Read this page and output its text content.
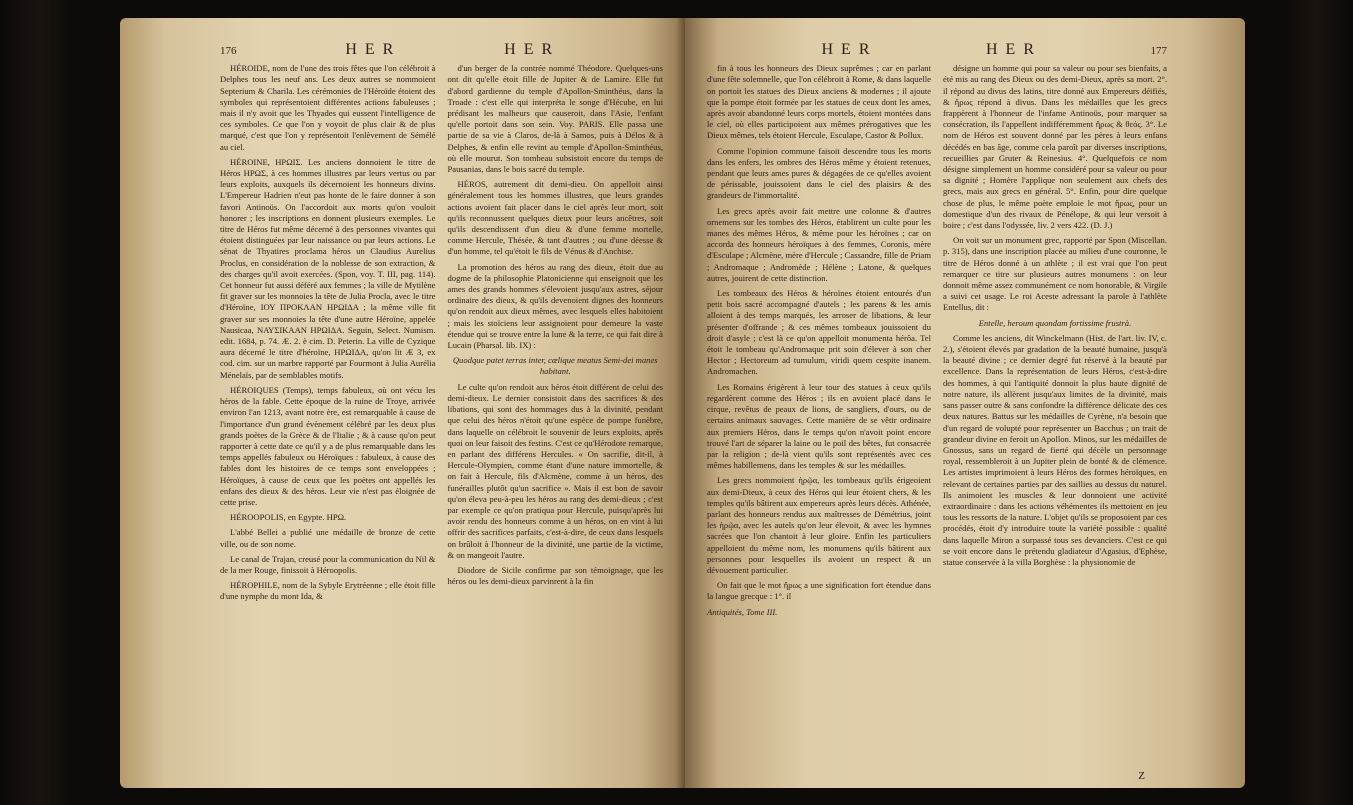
176	H E R	H E R

HÉROIDE, nom de l'une des trois fêtes que l'on célébroit à Delphes tous les neuf ans. Les deux autres se nommoient Septerium & Charila. Les cérémonies de l'Héroïde étoient des symboles qui représentoient différentes actions fabuleuses ; mais il n'y avoit que les Thyades qui eussent l'intelligence de ces symboles. Ce que l'on y voyoit de plus clair & de plus marqué, c'est que l'on y représentoit l'enlèvement de Sémélé au ciel.

HÉROINE, ΗΡΩΙΣ. Les anciens donnoient le titre de Héros ΗΡΩΣ, à ces hommes illustres par leurs vertus ou par leurs exploits, auxquels ils décernoient les honneurs divins. L'Empereur Hadrien n'eut pas honte de le faire donner à son favori Antinoüs. On l'accordoit aux morts qu'on vouloit honorer ; les inscriptions en donnent plusieurs exemples. Le titre de Héros fut même décerné à des personnes vivantes qui étoient distinguées par leur naissance ou par leurs actions. Le sénat de Thyatires proclama héros un Claudius Aurelius Proclus, en considération de la noblesse de son extraction, & des charges qu'il avoit exercées. (Spon, voy. T. III, pag. 114). Cet honneur fut aussi déféré aux femmes ; la ville de Mytilène fit graver sur les monnoies la tête de Julia Procla, avec le titre d'Héroïne, ΙΟΥ ΠΡΟΚΛΑΝ ΗΡΩΙΔΑ ; la même ville fit graver sur ses monnoies la tête d'une autre Héroïne, appelée Nausicaa, ΝΑΥΣΙΚΑΑΝ ΗΡΩΙΔΑ. Seguin, Select. Numism. edit. 1684, p. 74. Æ. 2. è cim. D. Peterin. La ville de Cyzique aura décerné le titre d'héroïne, ΗΡΩΙΔΑ, qu'on lit Æ 3, ex cod. cim. sur un marbre rapporté par Fourmont à Julia Aurélia Ménelaïs, par de semblables motifs.

HÉROIQUES (Temps), temps fabuleux, où ont vécu les héros de la fable. Cette époque de la ruine de Troye, arrivée environ l'an 1213, avant notre ère, est remarquable à cause de l'importance d'un grand évènement célébré par les deux plus grands poètes de la Grèce & de l'Italie ; & à cause qu'on peut rapporter à cette date ce qu'il y a de plus remarquable dans les temps appellés fabuleux ou Héroïques : fabuleux, à cause des fables dont les histoires de ce temps sont enveloppées ; Héroïques, à cause de ceux que les poètes ont appellés les enfans des dieux & des héros. Leur vie n'est pas éloignée de cette prise.

HÉROOPOLIS, en Egypte. ΗΡΩ.

L'abbé Bellei a publié une médaille de bronze de cette ville, ou de son nome.

Le canal de Trajan, creusé pour la communication du Nil & de la mer Rouge, finissoit à Héroopolis.

HÉROPHILE, nom de la Sybyle Erytréenne ; elle étoit fille d'une nymphe du mont Ida, &

d'un berger de la contrée nommé Théodore. Quelques-uns ont dit qu'elle étoit fille de Jupiter & de Lamire. Elle fut d'abord gardienne du temple d'Apollon-Sminthéus, dans la Troade : c'est elle qui interpréta le songe d'Hécube, en lui prédisant les malheurs que causeroit, dans l'Asie, l'enfant qu'elle portoit dans son sein. Voy. PARIS. Elle passa une partie de sa vie à Claros, de-là à Samos, puis à Délos & à Delphes, & enfin elle revint au temple d'Apollon-Sminthéus, où elle mourut. Son tombeau subsistoit encore du temps de Pausanias, dans le bois sacré du temple.

HÉROS, autrement dit demi-dieu. On appelloit ainsi généralement tous les hommes illustres, que leurs grandes actions avoient fait placer dans le ciel après leur mort, soit qu'ils reconnussent quelques dieux pour leurs ancêtres, soit qu'ils descendissent d'un dieu & d'une femme mortelle, comme Hercule, Thésée, & tant d'autres ; ou d'une déesse & d'un homme, tel qu'étoit le fils de Vénus & d'Anchise.

La promotion des héros au rang des dieux, étoit due au dogme de la philosophie Platonicienne qui enseignoit que les ames des grands hommes s'élevoient jusqu'aux astres, séjour ordinaire des dieux, & qu'ils devenoient dignes des honneurs qu'on rendoit aux dieux mêmes, avec lesquels elles habitoient ; mais les stoïciens leur assignoient pour demeure la vaste étendue qui se trouve entre la lune & la terre, ce qui fait dire à Lucain (Pharsal. lib. IX) :

Quodque patet terras inter, cœlique meatus Semi-dei manes habitant.

Le culte qu'on rendoit aux héros étoit différent de celui des demi-dieux. Le dernier consistoit dans des sacrifices & des libations, qui sont des hommages dus à la divinité, pendant que celui des héros n'étoit qu'une espèce de pompe funèbre, dans laquelle on célébroit le souvenir de leurs exploits, après quoi on leur faisoit des festins. C'est ce qu'Hérodote remarque, en parlant des différens Hercules. « On sacrifie, dit-il, à Hercule-Olympien, comme étant d'une nature immortelle, & on fait à Hercule, fils d'Alcmène, comme à un héros, des funérailles plutôt qu'un sacrifice ». Mais il est bon de savoir qu'on éleva peu-à-peu les héros au rang des demi-dieux ; c'est par exemple ce qu'on pratiqua pour Hercule, puisqu'après lui avoir rendu des honneurs comme à un héros, on en vint à lui offrir des sacrifices parfaits, c'est-à-dire, de ceux dans lesquels on brûloit à l'honneur de la divinité, une partie de la victime, & on mangeoit l'autre.

Diodore de Sicile confirme par son témoignage, que les héros ou les demi-dieux parvinrent à la fin

H E R	H E R	177

fin à tous les honneurs des Dieux suprêmes ; car en parlant d'une fête solemnelle, que l'on célébroit à Rome, & dans laquelle on portoit les statues des Dieux anciens & modernes ; il ajoute que la pompe étoit formée par les statues de ceux dont les ames, après avoir abandonné leurs corps mortels, étoient montées dans le ciel, où elles participoient aux mêmes prérogatives que les Dieux mêmes, tels étoient Hercule, Esculape, Castor & Pollux.

Comme l'opinion commune faisoit descendre tous les morts dans les enfers, les ombres des Héros même y étoient retenues, pendant que leurs ames pures & dégagées de ce qu'elles avoient de périssable, jouissoient dans le ciel des plaisirs & des grandeurs de l'immortalité.

Les grecs après avoir fait mettre une colonne & d'autres ornemens sur les tombes des Héros, établirent un culte pour les manes des mêmes Héros, & même pour les héroïnes ; car on accorda des honneurs héroïques à des femmes, Coronis, mère d'Esculape ; Alcmène, mère d'Hercule ; Cassandre, fille de Priam ; Andromaque ; Andromède ; Hélène ; Latone, & quelques autres, jouirent de cette distinction.

Les tombeaux des Héros & héroïnes étoient entourés d'un petit bois sacré accompagné d'autels ; les parens & les amis alloient à des temps marqués, les arroser de libations, & leur présenter d'offrande ; & ces mêmes tombeaux jouissoient du droit d'asyle ; c'est là ce qu'on appelloit monumenta hérôa. Tel étoit le tombeau qu'Andromaque prit soin d'élever à son cher Hector ; Hectoreum ad tumulum, viridi quem cespite inanem. Andromachen.

Les Romains érigèrent à leur tour des statues à ceux qu'ils regardèrent comme des Héros ; ils en avoient placé dans le cirque, revêtus de peaux de lions, de sangliers, d'ours, ou de certains animaux sauvages. Cette manière de se vêtir ordinaire aux premiers Héros, dans le temps qu'on n'avoit point encore trouvé l'art de séparer la laine ou le poil des bêtes, fut consacrée par la religion ; de-là vient qu'ils sont représentés avec ces mêmes habillemens, dans les temples & sur les médailles.

Les grecs nommoient ἡρῷα, les tombeaux qu'ils érigeoient aux demi-Dieux, à ceux des Héros qui leur étoient chers, & les temples qu'ils bâtirent aux empereurs après leurs décès. Athénée, parlant des honneurs rendus aux maîtresses de Démétrius, joint les ἡρῷα, avec les autels qu'on leur élevoit, & avec les hymnes sacrées que l'on chantoit à leur gloire. Enfin les particuliers appelloient du même nom, les monumens qu'ils bâtirent aux personnes pour lesquelles ils avoient un respect & un dévouement particulier.

On fait que le mot ἥρως a une signification fort étendue dans la langue grecque : 1°. il

Antiquités, Tome III.

désigne un homme qui pour sa valeur ou pour ses bienfaits, a été mis au rang des Dieux ou des demi-Dieux, après sa mort. 2°. il répond au divus des latins, titre donné aux Empereurs déifiés, & ἥρως répond à divus. Dans les médailles que les grecs frappèrent à l'honneur de l'infame Antinoüs, pour marquer sa consécration, ils l'appellent indifféremment ἥρως & θεός. 3°. Le nom de Héros est souvent donné par les pères à leurs enfans décédés en bas âge, comme cela paroît par diverses inscriptions, recueillies par Gruter & Reinesius. 4°. Quelquefois ce nom désigne simplement un homme considéré pour sa valeur ou pour sa dignité ; Homère l'applique non seulement aux chefs des grecs, mais aux grecs en général. 5°. Enfin, pour dire quelque chose de plus, le même poète emploie le mot ἥρως, pour un domestique d'un des rivaux de Pénélope, & qui leur versoit à boire ; c'est dans l'odyssée, liv. 2 vers 422. (D. J.)

On voit sur un monument grec, rapporté par Spon (Miscellan. p. 315), dans une inscription placée au milieu d'une couronne, le titre de Héros donné à un athlète ; il est vrai que l'on peut remarquer ce titre sur plusieurs autres monumens : on leur donnoit même assez communément ce nom honorable, & Virgile a suivi cet usage. Le roi Aceste adressant la parole à l'athlète Entellus, dit :

Entelle, heroum quondam fortissime frustrà.

Comme les anciens, dit Winckelmann (Hist. de l'art. liv. IV, c. 2.), s'étoient élevés par gradation de la beauté humaine, jusqu'à la beauté divine ; ce dernier degré fut réservé à la beauté par excellence. Dans la représentation de leurs Héros, c'est-à-dire des hommes, à qui l'antiquité donnoit la plus haute dignité de notre nature, ils allèrent jusqu'aux limites de la divinité, mais sans passer outre & sans confondre la différence délicate des ces deux natures. Battus sur les médailles de Cyrène, n'a besoin que d'un regard de volupté pour représenter un Bacchus ; un trait de grandeur divine en feroit un Apollon. Minos, sur les médailles de Gnossus, sans un regard de fierté qui décèle un personnage royal, ressembleroit à un Jupiter plein de bonté & de clémence. Les artistes imprimoient à leurs Héros des formes héroïques, en relevant de certaines parties par des saillies au dessus du naturel. Ils animoient les muscles & leur donnoient une activité extraordinaire : dans les actions véhémentes ils mettoient en jeu tous les ressorts de la nature. L'objet qu'ils se proposoient par ces procédés, étoit d'y introduire toute la variété possible : qualité dans laquelle Miron a surpassé tous ses devanciers. C'est ce qui se voit encore dans le prétendu gladiateur d'Agasius, d'Ephèse, statue conservée à la villa Borghèse : la physionomie de

Z
